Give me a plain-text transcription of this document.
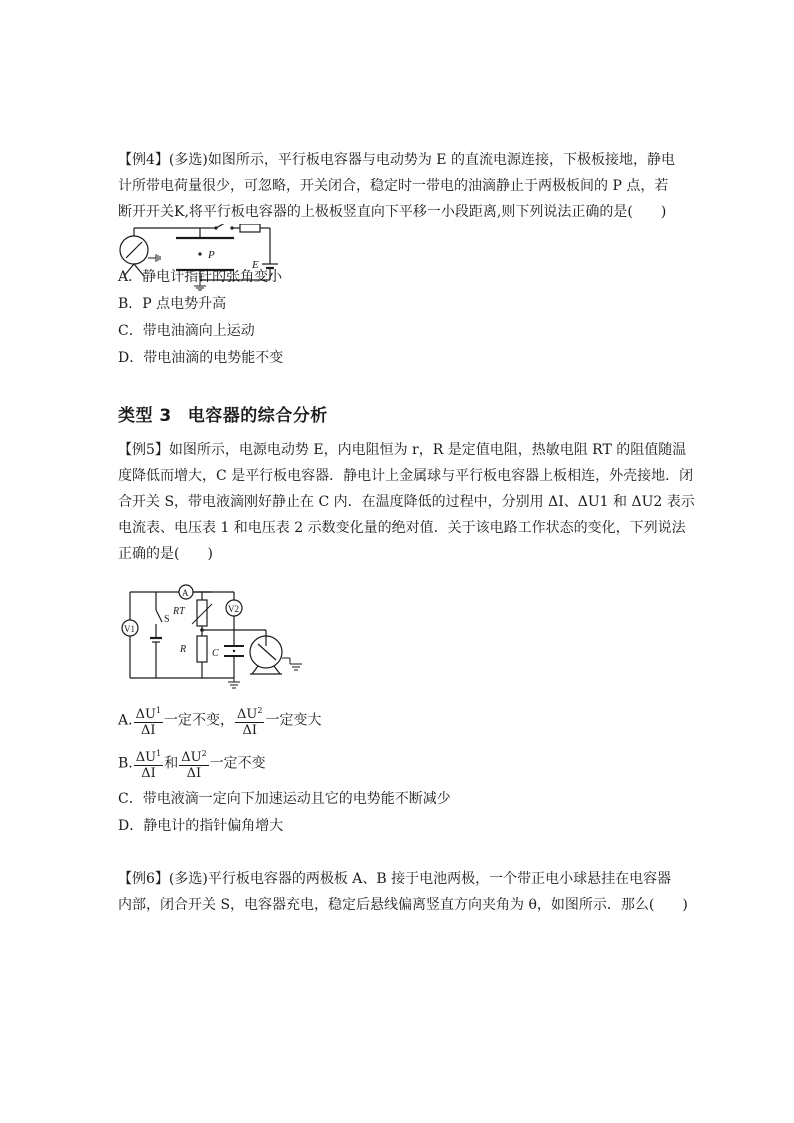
【例4】(多选)如图所示，平行板电容器与电动势为 E 的直流电源连接，下极板接地，静电
计所带电荷量很少，可忽略，开关闭合，稳定时一带电的油滴静止于两极板间的 P 点，若
断开开关K,将平行板电容器的上极板竖直向下平移一小段距离,则下列说法正确的是(　　)
P
E
A．静电计指针的张角变小
B．P 点电势升高
C．带电油滴向上运动
D．带电油滴的电势能不变
类型 3 电容器的综合分析
【例5】如图所示，电源电动势 E，内电阻恒为 r，R 是定值电阻，热敏电阻 RT 的阻值随温
度降低而增大，C 是平行板电容器．静电计上金属球与平行板电容器上板相连，外壳接地．闭
合开关 S，带电液滴刚好静止在 C 内．在温度降低的过程中，分别用 ΔI、ΔU1 和 ΔU2 表示
电流表、电压表 1 和电压表 2 示数变化量的绝对值．关于该电路工作状态的变化，下列说法
正确的是(　　)
V1
S
A
RT
R
V2
C
A. $\frac{\Delta U^1}{\Delta I}$ 一定不变， $\frac{\Delta U^2}{\Delta I}$ 一定变大
B. $\frac{\Delta U^1}{\Delta I}$ 和 $\frac{\Delta U^2}{\Delta I}$ 一定不变
C．带电液滴一定向下加速运动且它的电势能不断减少
D．静电计的指针偏角增大
【例6】(多选)平行板电容器的两极板 A、B 接于电池两极，一个带正电小球悬挂在电容器
内部，闭合开关 S，电容器充电，稳定后悬线偏离竖直方向夹角为 θ，如图所示．那么(　　)
